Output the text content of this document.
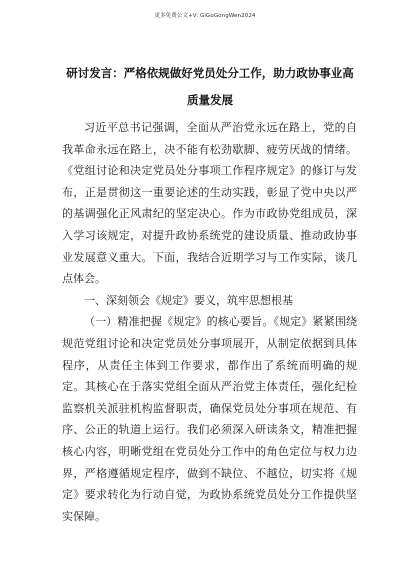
更多免费公文+V: GiGoGongWen2024
研讨发言：严格依规做好党员处分工作，助力政协事业高质量发展

习近平总书记强调，全面从严治党永远在路上，党的自我革命永远在路上，决不能有松劲歇脚、疲劳厌战的情绪。《党组讨论和决定党员处分事项工作程序规定》的修订与发布，正是贯彻这一重要论述的生动实践，彰显了党中央以严的基调强化正风肃纪的坚定决心。作为市政协党组成员，深入学习该规定，对提升政协系统党的建设质量、推动政协事业发展意义重大。下面，我结合近期学习与工作实际，谈几点体会。

一、深刻领会《规定》要义，筑牢思想根基

（一）精准把握《规定》的核心要旨。《规定》紧紧围绕规范党组讨论和决定党员处分事项展开，从制定依据到具体程序，从责任主体到工作要求，都作出了系统而明确的规定。其核心在于落实党组全面从严治党主体责任，强化纪检监察机关派驻机构监督职责，确保党员处分事项在规范、有序、公正的轨道上运行。我们必须深入研读条文，精准把握核心内容，明晰党组在党员处分工作中的角色定位与权力边界，严格遵循规定程序，做到不缺位、不越位，切实将《规定》要求转化为行动自觉，为政协系统党员处分工作提供坚实保障。
